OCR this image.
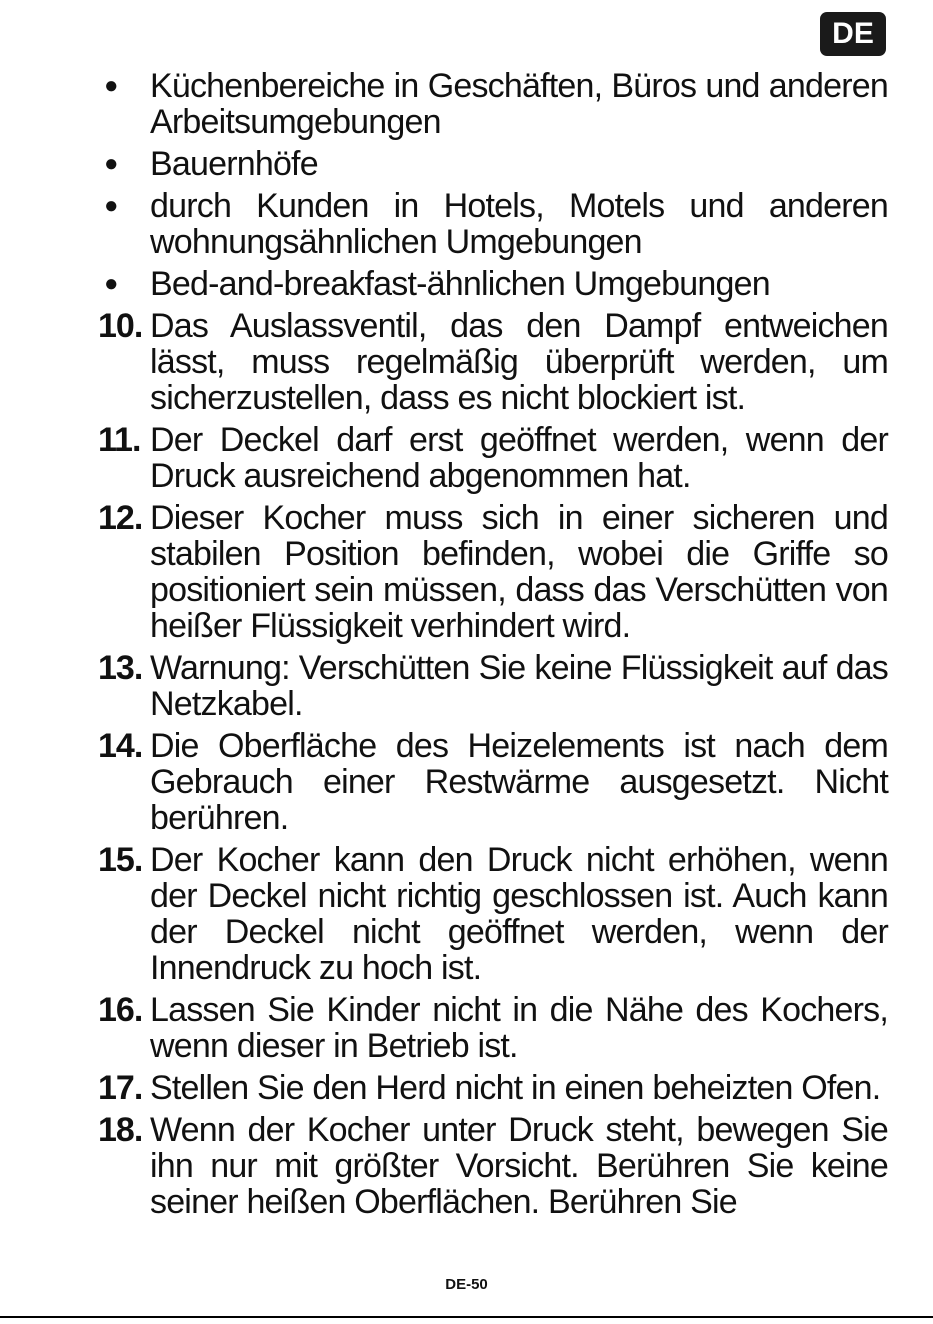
DE
● Küchenbereiche in Geschäften, Büros und anderen Arbeitsumgebungen
● Bauernhöfe
● durch Kunden in Hotels, Motels und anderen wohnungsähnlichen Umgebungen
● Bed-and-breakfast-ähnlichen Umgebungen
10. Das Auslassventil, das den Dampf entweichen lässt, muss regelmäßig überprüft werden, um sicherzustellen, dass es nicht blockiert ist.
11. Der Deckel darf erst geöffnet werden, wenn der Druck ausreichend abgenommen hat.
12. Dieser Kocher muss sich in einer sicheren und stabilen Position befinden, wobei die Griffe so positioniert sein müssen, dass das Verschütten von heißer Flüssigkeit verhindert wird.
13. Warnung: Verschütten Sie keine Flüssigkeit auf das Netzkabel.
14. Die Oberfläche des Heizelements ist nach dem Gebrauch einer Restwärme ausgesetzt. Nicht berühren.
15. Der Kocher kann den Druck nicht erhöhen, wenn der Deckel nicht richtig geschlossen ist. Auch kann der Deckel nicht geöffnet werden, wenn der Innendruck zu hoch ist.
16. Lassen Sie Kinder nicht in die Nähe des Kochers, wenn dieser in Betrieb ist.
17. Stellen Sie den Herd nicht in einen beheizten Ofen.
18. Wenn der Kocher unter Druck steht, bewegen Sie ihn nur mit größter Vorsicht. Berühren Sie keine seiner heißen Oberflächen. Berühren Sie
DE-50
